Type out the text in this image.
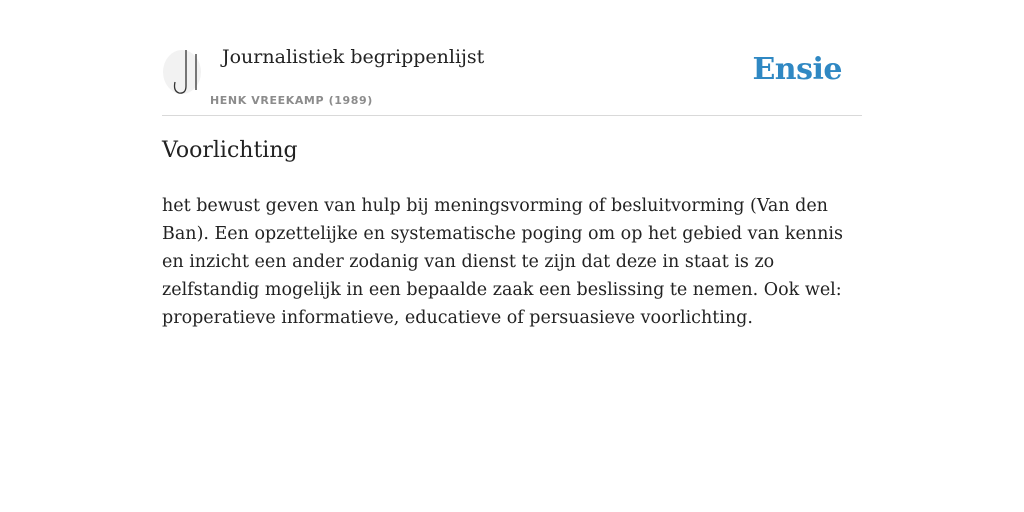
Journalistiek begrippenlijst
HENK VREEKAMP (1989)
Ensie
Voorlichting

het bewust geven van hulp bij meningsvorming of besluitvorming (Van den Ban). Een opzettelijke en systematische poging om op het gebied van kennis en inzicht een ander zodanig van dienst te zijn dat deze in staat is zo zelfstandig mogelijk in een bepaalde zaak een beslissing te nemen. Ook wel: properatieve informatieve, educatieve of persuasieve voorlichting.
